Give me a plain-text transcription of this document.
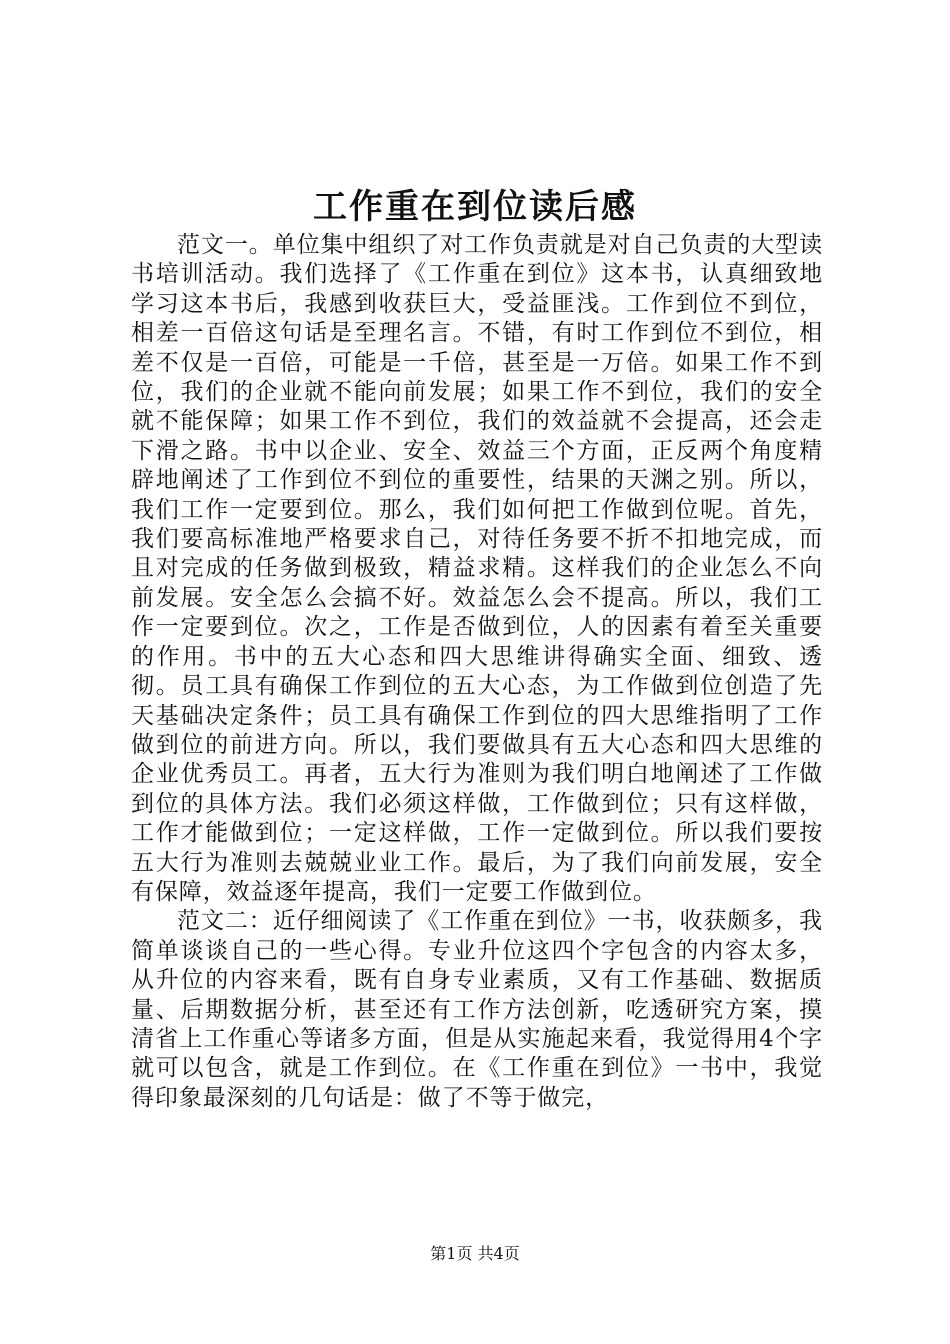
工作重在到位读后感

范文一。单位集中组织了对工作负责就是对自己负责的大型读书培训活动。我们选择了《工作重在到位》这本书，认真细致地学习这本书后，我感到收获巨大，受益匪浅。工作到位不到位，相差一百倍这句话是至理名言。不错，有时工作到位不到位，相差不仅是一百倍，可能是一千倍，甚至是一万倍。如果工作不到位，我们的企业就不能向前发展；如果工作不到位，我们的安全就不能保障；如果工作不到位，我们的效益就不会提高，还会走下滑之路。书中以企业、安全、效益三个方面，正反两个角度精辟地阐述了工作到位不到位的重要性，结果的天渊之别。所以，我们工作一定要到位。那么，我们如何把工作做到位呢。首先，我们要高标准地严格要求自己，对待任务要不折不扣地完成，而且对完成的任务做到极致，精益求精。这样我们的企业怎么不向前发展。安全怎么会搞不好。效益怎么会不提高。所以，我们工作一定要到位。次之，工作是否做到位，人的因素有着至关重要的作用。书中的五大心态和四大思维讲得确实全面、细致、透彻。员工具有确保工作到位的五大心态，为工作做到位创造了先天基础决定条件；员工具有确保工作到位的四大思维指明了工作做到位的前进方向。所以，我们要做具有五大心态和四大思维的企业优秀员工。再者，五大行为准则为我们明白地阐述了工作做到位的具体方法。我们必须这样做，工作做到位；只有这样做，工作才能做到位；一定这样做，工作一定做到位。所以我们要按五大行为准则去兢兢业业工作。最后，为了我们向前发展，安全有保障，效益逐年提高，我们一定要工作做到位。

范文二：近仔细阅读了《工作重在到位》一书，收获颇多，我简单谈谈自己的一些心得。专业升位这四个字包含的内容太多，从升位的内容来看，既有自身专业素质，又有工作基础、数据质量、后期数据分析，甚至还有工作方法创新，吃透研究方案，摸清省上工作重心等诸多方面，但是从实施起来看，我觉得用4个字就可以包含，就是工作到位。在《工作重在到位》一书中，我觉得印象最深刻的几句话是：做了不等于做完，

第1页 共4页
